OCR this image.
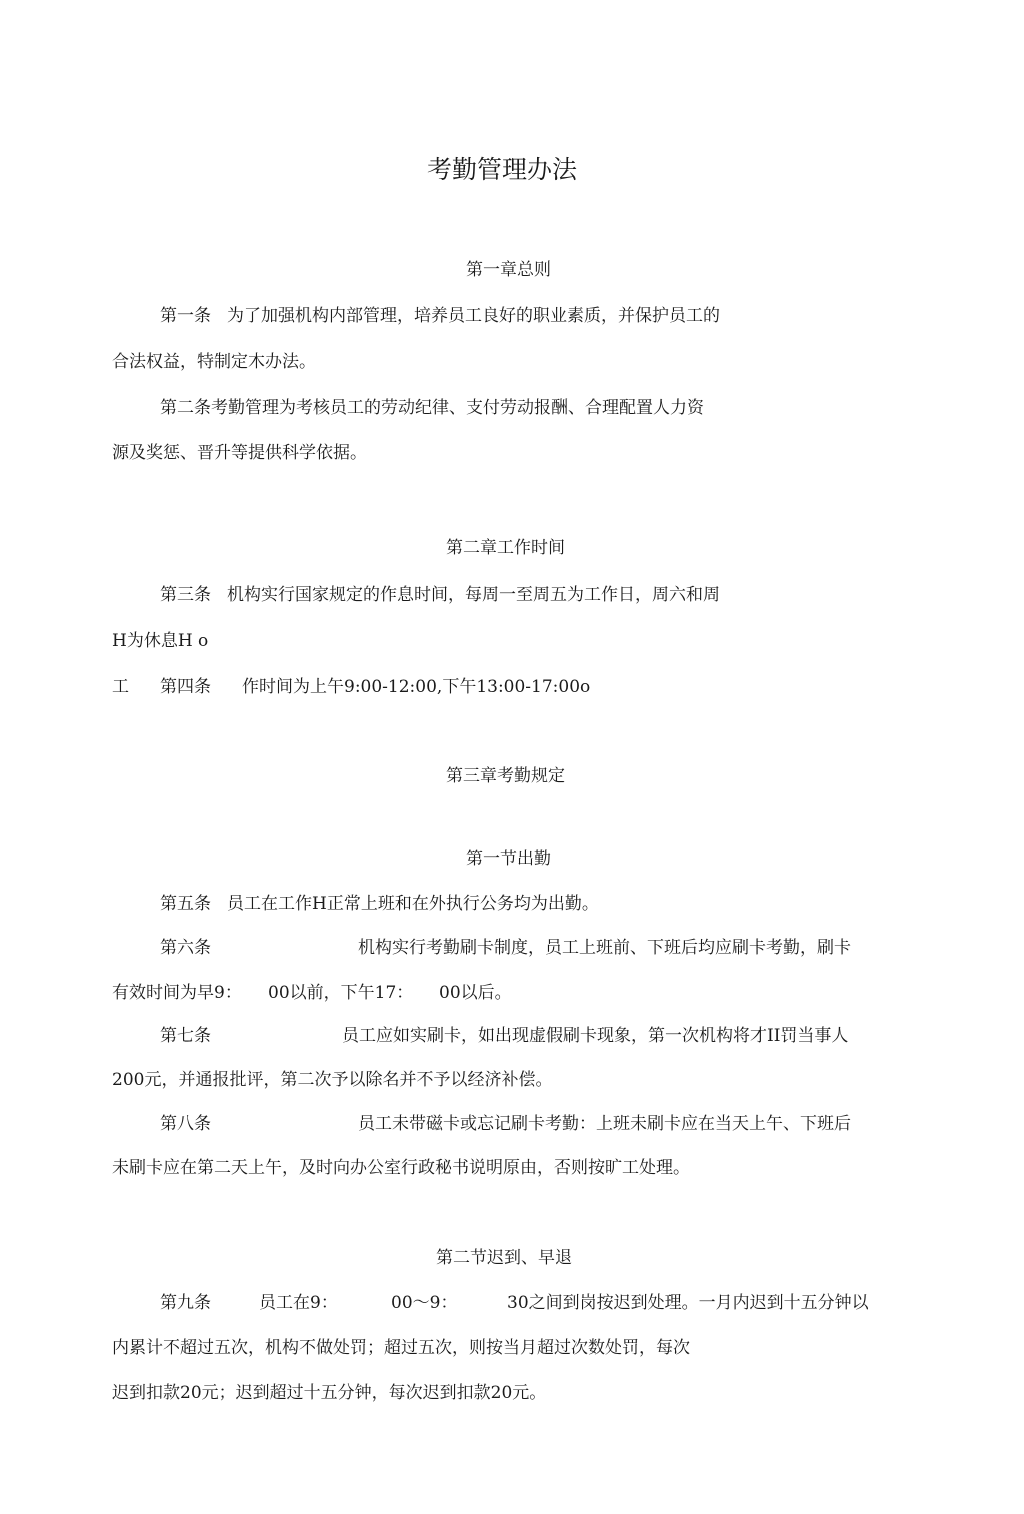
考勤管理办法
第一章总则
第一条 为了加强机构内部管理，培养员工良好的职业素质，并保护员工的
合法权益，特制定木办法。
第二条考勤管理为考核员工的劳动纪律、支付劳动报酬、合理配置人力资
源及奖惩、晋升等提供科学依据。
第二章工作时间
第三条 机构实行国家规定的作息时间，每周一至周五为工作日，周六和周
H为休息H o
工 第四条 作时间为上午9:00-12:00,下午13:00-17:00o
第三章考勤规定
第一节出勤
第五条 员工在工作H正常上班和在外执行公务均为出勤。
第六条	机构实行考勤刷卡制度，员工上班前、下班后均应刷卡考勤，刷卡
有效时间为早9： 00以前，下午17： 00以后。
第七条	员工应如实刷卡，如出现虚假刷卡现象，第一次机构将才II罚当事人
200元，并通报批评，第二次予以除名并不予以经济补偿。
第八条	员工未带磁卡或忘记刷卡考勤：上班未刷卡应在当天上午、下班后
未刷卡应在第二天上午，及时向办公室行政秘书说明原由，否则按旷工处理。
第二节迟到、早退
第九条	员工在9：	00〜9：	30之间到岗按迟到处理。一月内迟到十五分钟以
内累计不超过五次，机构不做处罚；超过五次，则按当月超过次数处罚，每次
迟到扣款20元；迟到超过十五分钟，每次迟到扣款20元。
